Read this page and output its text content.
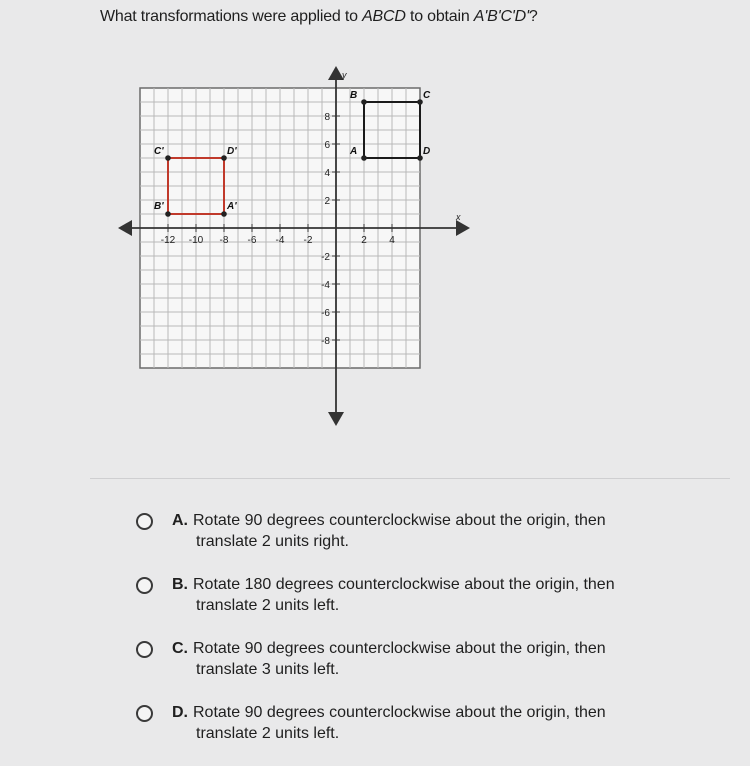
What transformations were applied to ABCD to obtain A'B'C'D'?
x
y
-12 -10 -8 -6 -4 -2	2 4
8
6
4
2
-2
-4
-6
-8
A
B	C
D
A'
B'
C'	D'
A. Rotate 90 degrees counterclockwise about the origin, then
translate 2 units right.
B. Rotate 180 degrees counterclockwise about the origin, then
translate 2 units left.
C. Rotate 90 degrees counterclockwise about the origin, then
translate 3 units left.
D. Rotate 90 degrees counterclockwise about the origin, then
translate 2 units left.
